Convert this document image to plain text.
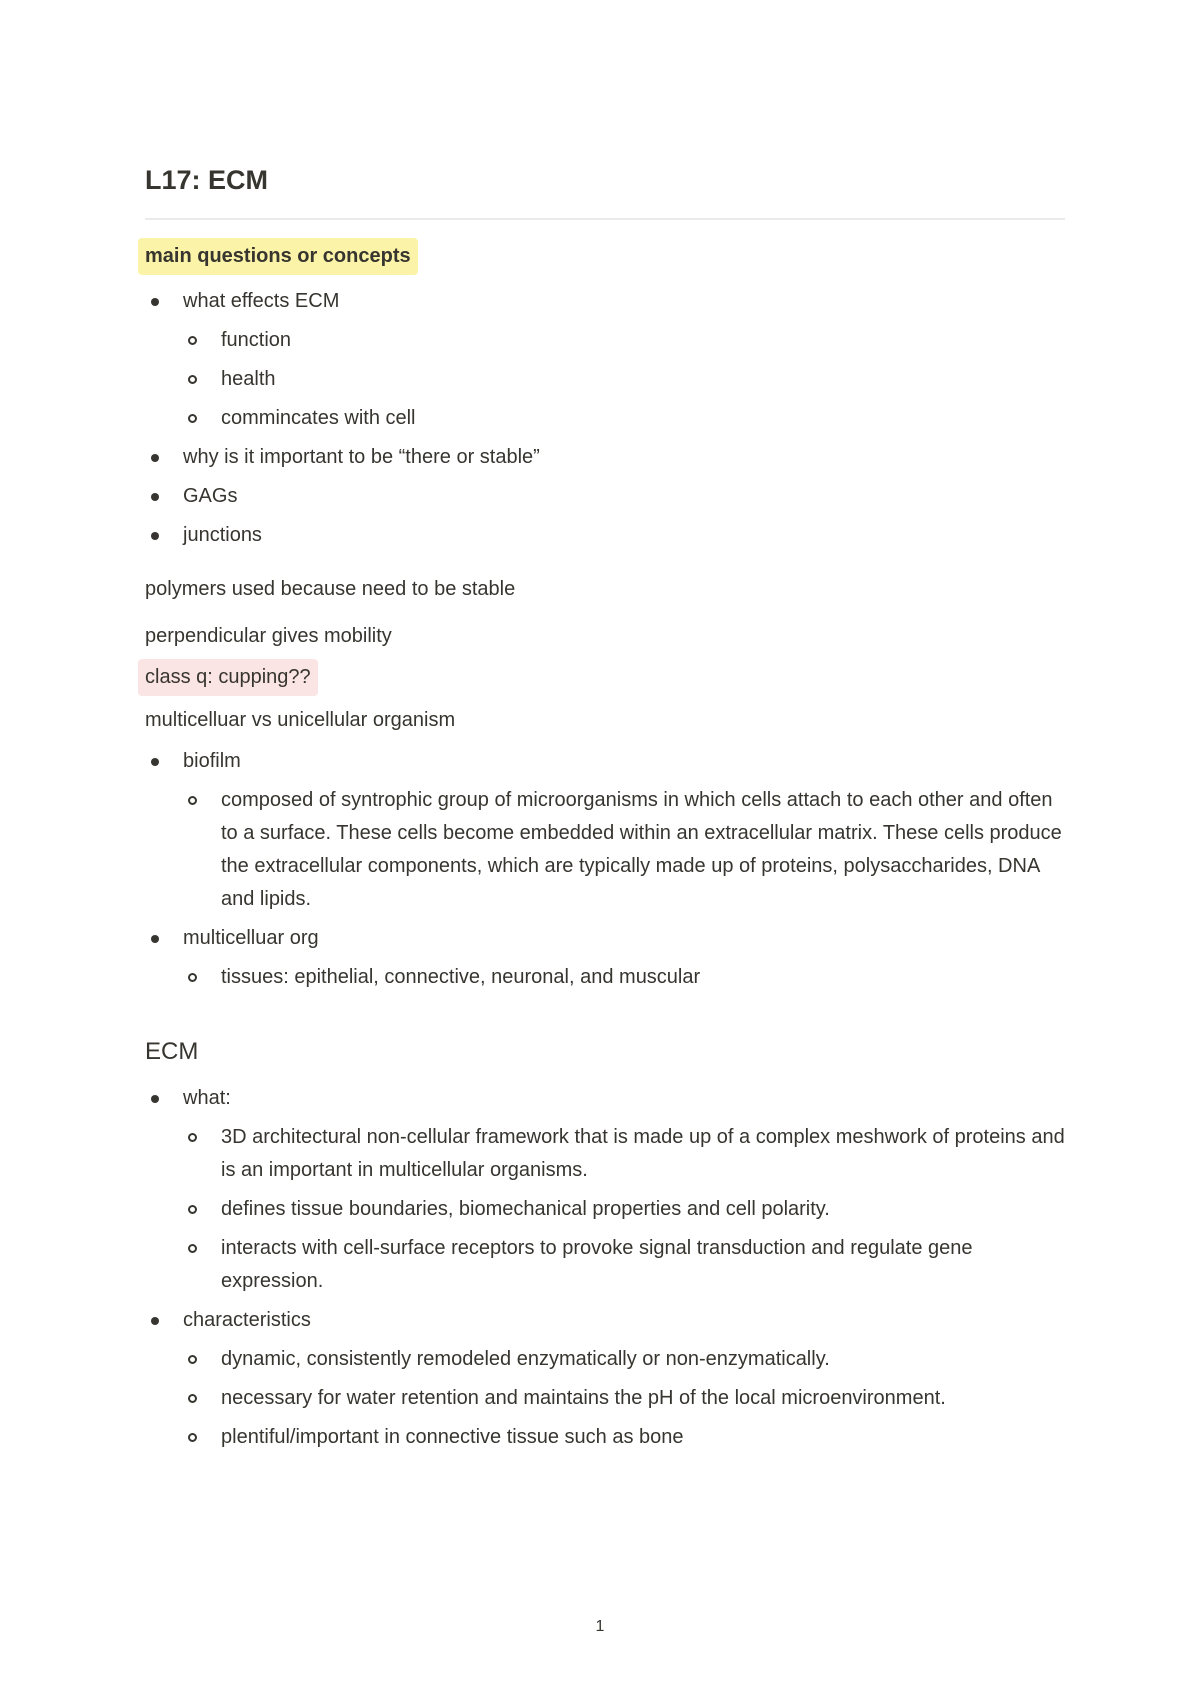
L17: ECM
main questions or concepts
what effects ECM
function
health
commincates with cell
why is it important to be “there or stable”
GAGs
junctions

polymers used because need to be stable

perpendicular gives mobility

class q: cupping??

multicelluar vs unicellular organism

biofilm
composed of syntrophic group of microorganisms in which cells attach to each other and often to a surface. These cells become embedded within an extracellular matrix. These cells produce the extracellular components, which are typically made up of proteins, polysaccharides, DNA and lipids.
multicelluar org
tissues: epithelial, connective, neuronal, and muscular
ECM
what:
3D architectural non-cellular framework that is made up of a complex meshwork of proteins and is an important in multicellular organisms.
defines tissue boundaries, biomechanical properties and cell polarity.
interacts with cell-surface receptors to provoke signal transduction and regulate gene expression.
characteristics
dynamic, consistently remodeled enzymatically or non-enzymatically.
necessary for water retention and maintains the pH of the local microenvironment.
plentiful/important in connective tissue such as bone
1
